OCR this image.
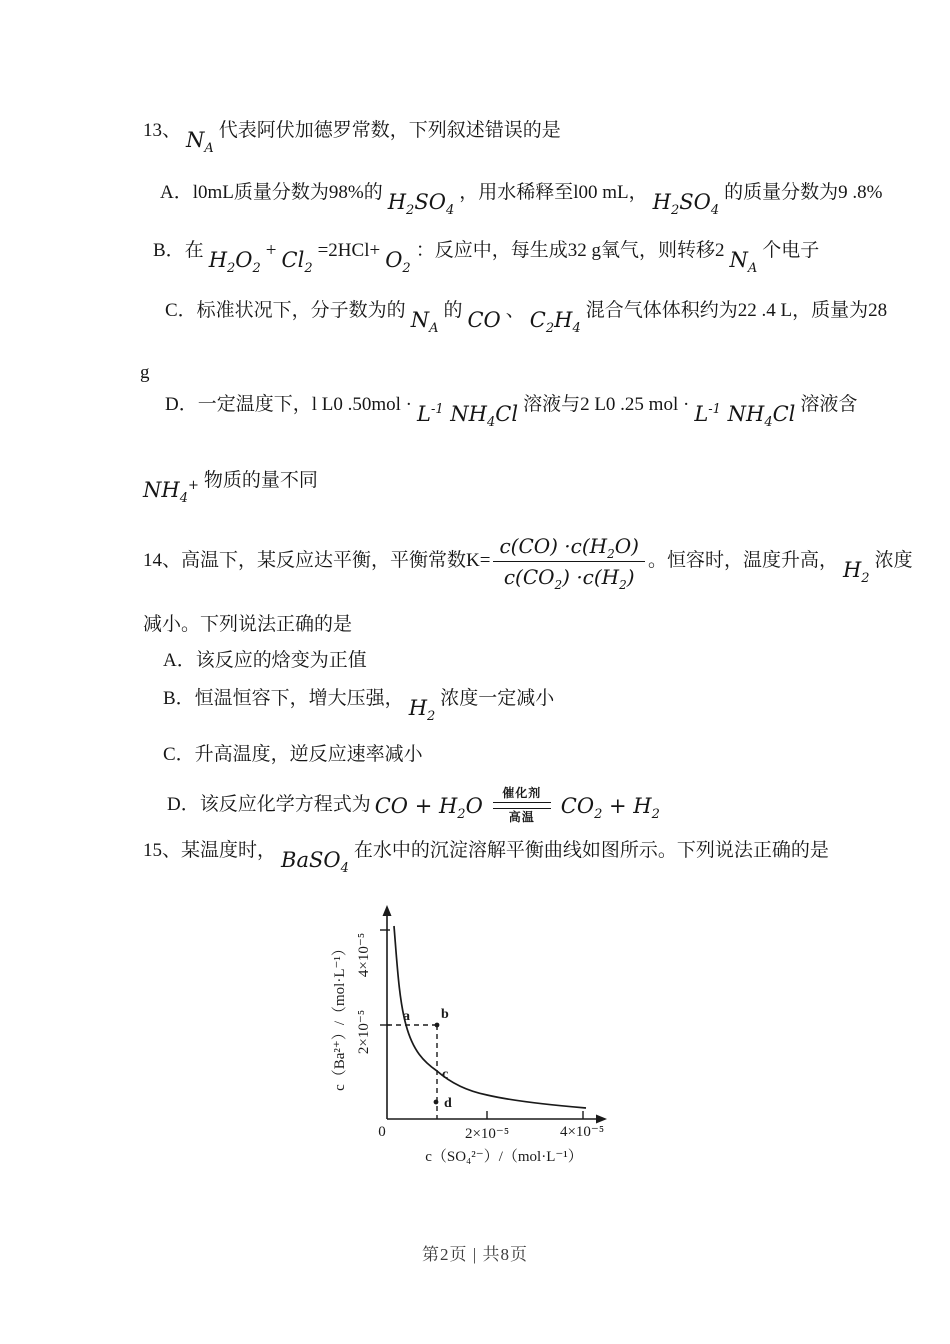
13、 $N_A$代表阿伏加德罗常数，下列叙述错误的是
A．l0mL质量分数为98%的 $H_2SO_4$，用水稀释至l00 mL， $H_2SO_4$的质量分数为9 .8%
B．在 $H_2O_2+ Cl_2=2HCl+ O_2$：反应中，每生成32 g氧气，则转移2 $N_A$个电子
C．标准状况下，分子数为的 $N_A$的 CO 、 $C_2H_4$混合气体体积约为22 .4 L，质量为28
g
D．一定温度下，l L0 $.50mol \cdot L^{-1}$ $NH_4Cl$ 溶液与2 L0 .25 mol · $L^{-1}$ $NH_4Cl$ 溶液含
$NH_4^+$ 物质的量不同
14、高温下，某反应达平衡，平衡常数$K= \frac{c(CO) \cdot c(H_2O)}{c(CO_2) \cdot c(H_2)}$ 。恒容时，温度升高， $H_2$浓度
减小。下列说法正确的是
A．该反应的焓变为正值
B．恒温恒容下，增大压强， $H_2$浓度一定减小
C．升高温度，逆反应速率减小
D．该反应化学方程式为 CO + $H_2O$
催化剂
高温 $CO_2 + H_2$
15、某温度时， BaSO$_4$在水中的沉淀溶解平衡曲线如图所示。下列说法正确的是
a b
c
d
4×10⁻⁵
2×10⁻⁵
c（Ba²⁺）/（mol·L⁻¹）
0	2×10⁻⁵	4×10⁻⁵
c（SO₄²⁻）/（mol·L⁻¹）
第2页 | 共8页
